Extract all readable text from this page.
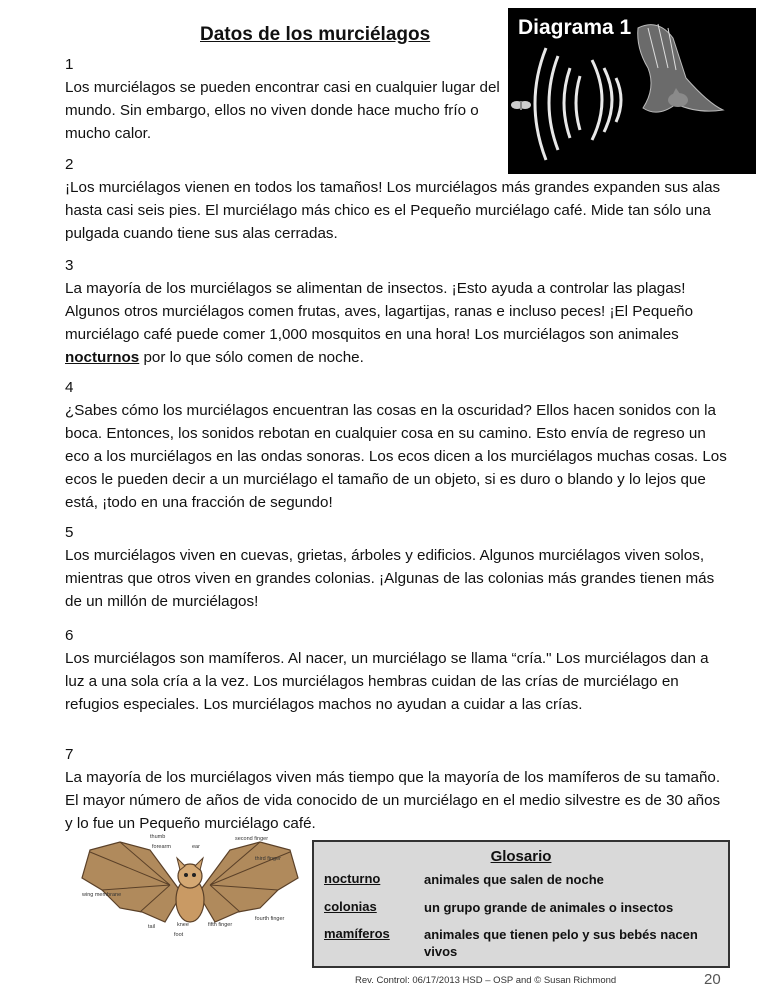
Datos de los murciélagos
1
Los murciélagos se pueden encontrar casi en cualquier lugar del mundo. Sin embargo, ellos no viven donde hace mucho frío o mucho calor.
2
¡Los murciélagos vienen en todos los tamaños! Los murciélagos más grandes expanden sus alas hasta casi seis pies. El murciélago más chico es el Pequeño murciélago café. Mide tan sólo una pulgada cuando tiene sus alas cerradas.
3
La mayoría de los murciélagos se alimentan de insectos. ¡Esto ayuda a controlar las plagas! Algunos otros murciélagos comen frutas, aves, lagartijas, ranas e incluso peces! ¡El Pequeño murciélago café puede comer 1,000 mosquitos en una hora! Los murciélagos son animales nocturnos por lo que sólo comen de noche.
4
¿Sabes cómo los murciélagos encuentran las cosas en la oscuridad? Ellos hacen sonidos con la boca. Entonces, los sonidos rebotan en cualquier cosa en su camino. Esto envía de regreso un eco a los murciélagos en las ondas sonoras. Los ecos dicen a los murciélagos muchas cosas. Los ecos le pueden decir a un murciélago el tamaño de un objeto, si es duro o blando y lo lejos que está, ¡todo en una fracción de segundo!
5
Los murciélagos viven en cuevas, grietas, árboles y edificios. Algunos murciélagos viven solos, mientras que otros viven en grandes colonias. ¡Algunas de las colonias más grandes tienen más de un millón de murciélagos!
6
Los murciélagos son mamíferos. Al nacer, un murciélago se llama “cría." Los murciélagos dan a luz a una sola cría a la vez. Los murciélagos hembras cuidan de las crías de murciélago en refugios especiales. Los murciélagos machos no ayudan a cuidar a las crías.
7
La mayoría de los murciélagos viven más tiempo que la mayoría de los mamíferos de su tamaño. El mayor número de años de vida conocido de un murciélago en el medio silvestre es de 30 años y lo fue un Pequeño murciélago café.
Diagrama 1
thumb
forearm	ear
second finger
third finger
wing membrane
tail	knee
foot
fifth finger
fourth finger
Glosario
nocturno	animales que salen de noche
colonias	un grupo grande de animales o insectos
mamíferos	animales que tienen pelo y sus bebés nacen vivos
Rev. Control: 06/17/2013 HSD – OSP and © Susan Richmond	20
